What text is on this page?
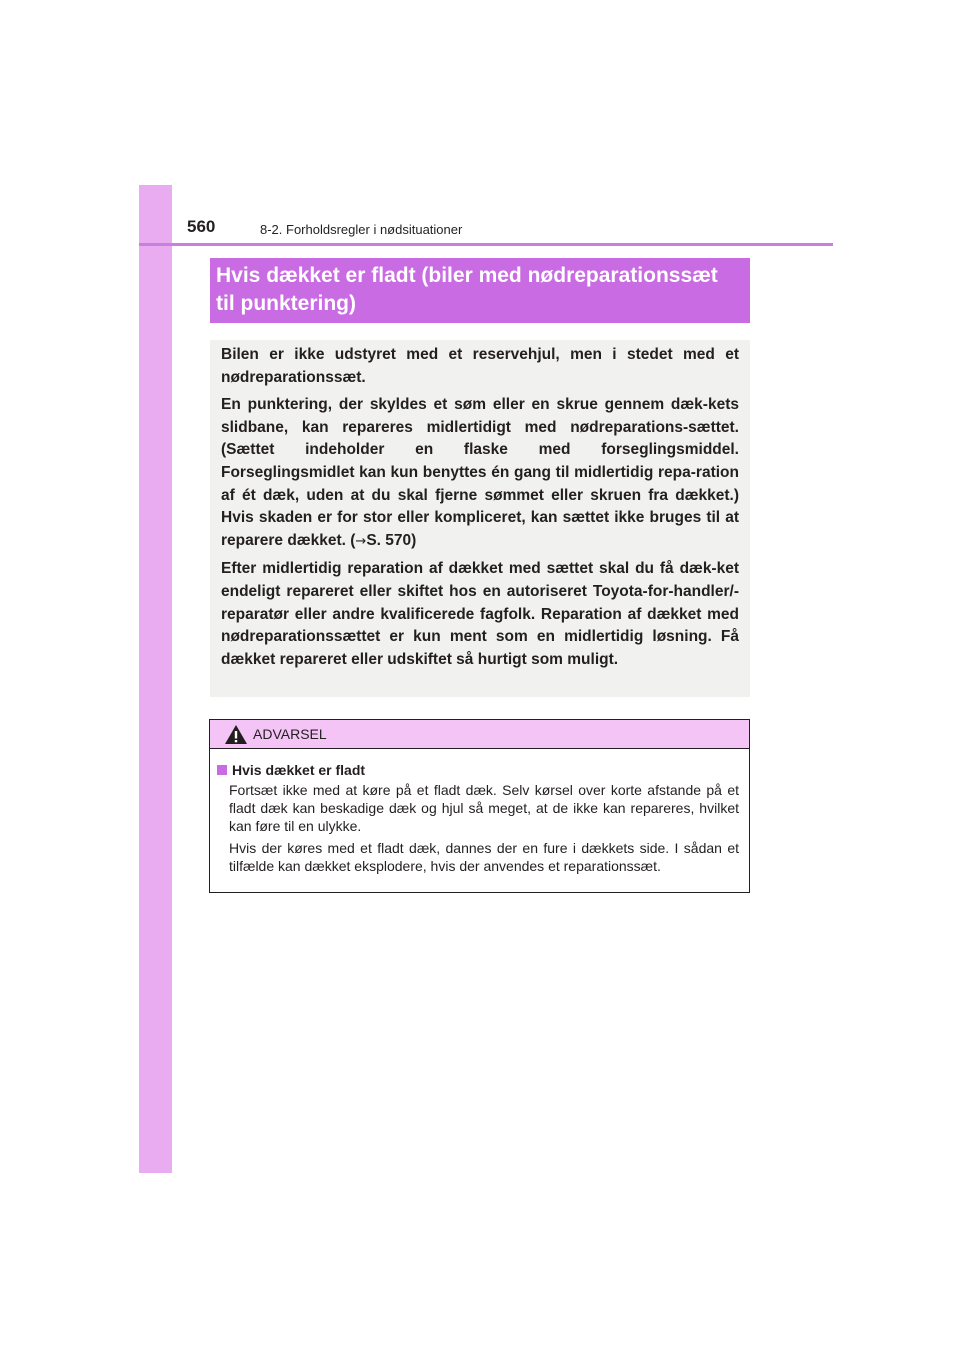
560	8-2. Forholdsregler i nødsituationer
Hvis dækket er fladt (biler med nødreparationssæt
til punktering)

Bilen er ikke udstyret med et reservehjul, men i stedet med et nødreparationssæt.

En punktering, der skyldes et søm eller en skrue gennem dæk-kets slidbane, kan repareres midlertidigt med nødreparations-sættet. (Sættet indeholder en flaske med forseglingsmiddel. Forseglingsmidlet kan kun benyttes én gang til midlertidig repa-ration af ét dæk, uden at du skal fjerne sømmet eller skruen fra dækket.) Hvis skaden er for stor eller kompliceret, kan sættet ikke bruges til at reparere dækket. (→S. 570)

Efter midlertidig reparation af dækket med sættet skal du få dæk-ket endeligt repareret eller skiftet hos en autoriseret Toyota-for-handler/-reparatør eller andre kvalificerede fagfolk. Reparation af dækket med nødreparationssættet er kun ment som en midlertidig løsning. Få dækket repareret eller udskiftet så hurtigt som muligt.

ADVARSEL
Hvis dækket er fladt
Fortsæt ikke med at køre på et fladt dæk. Selv kørsel over korte afstande på et fladt dæk kan beskadige dæk og hjul så meget, at de ikke kan repareres, hvilket kan føre til en ulykke.
Hvis der køres med et fladt dæk, dannes der en fure i dækkets side. I sådan et tilfælde kan dækket eksplodere, hvis der anvendes et reparationssæt.
